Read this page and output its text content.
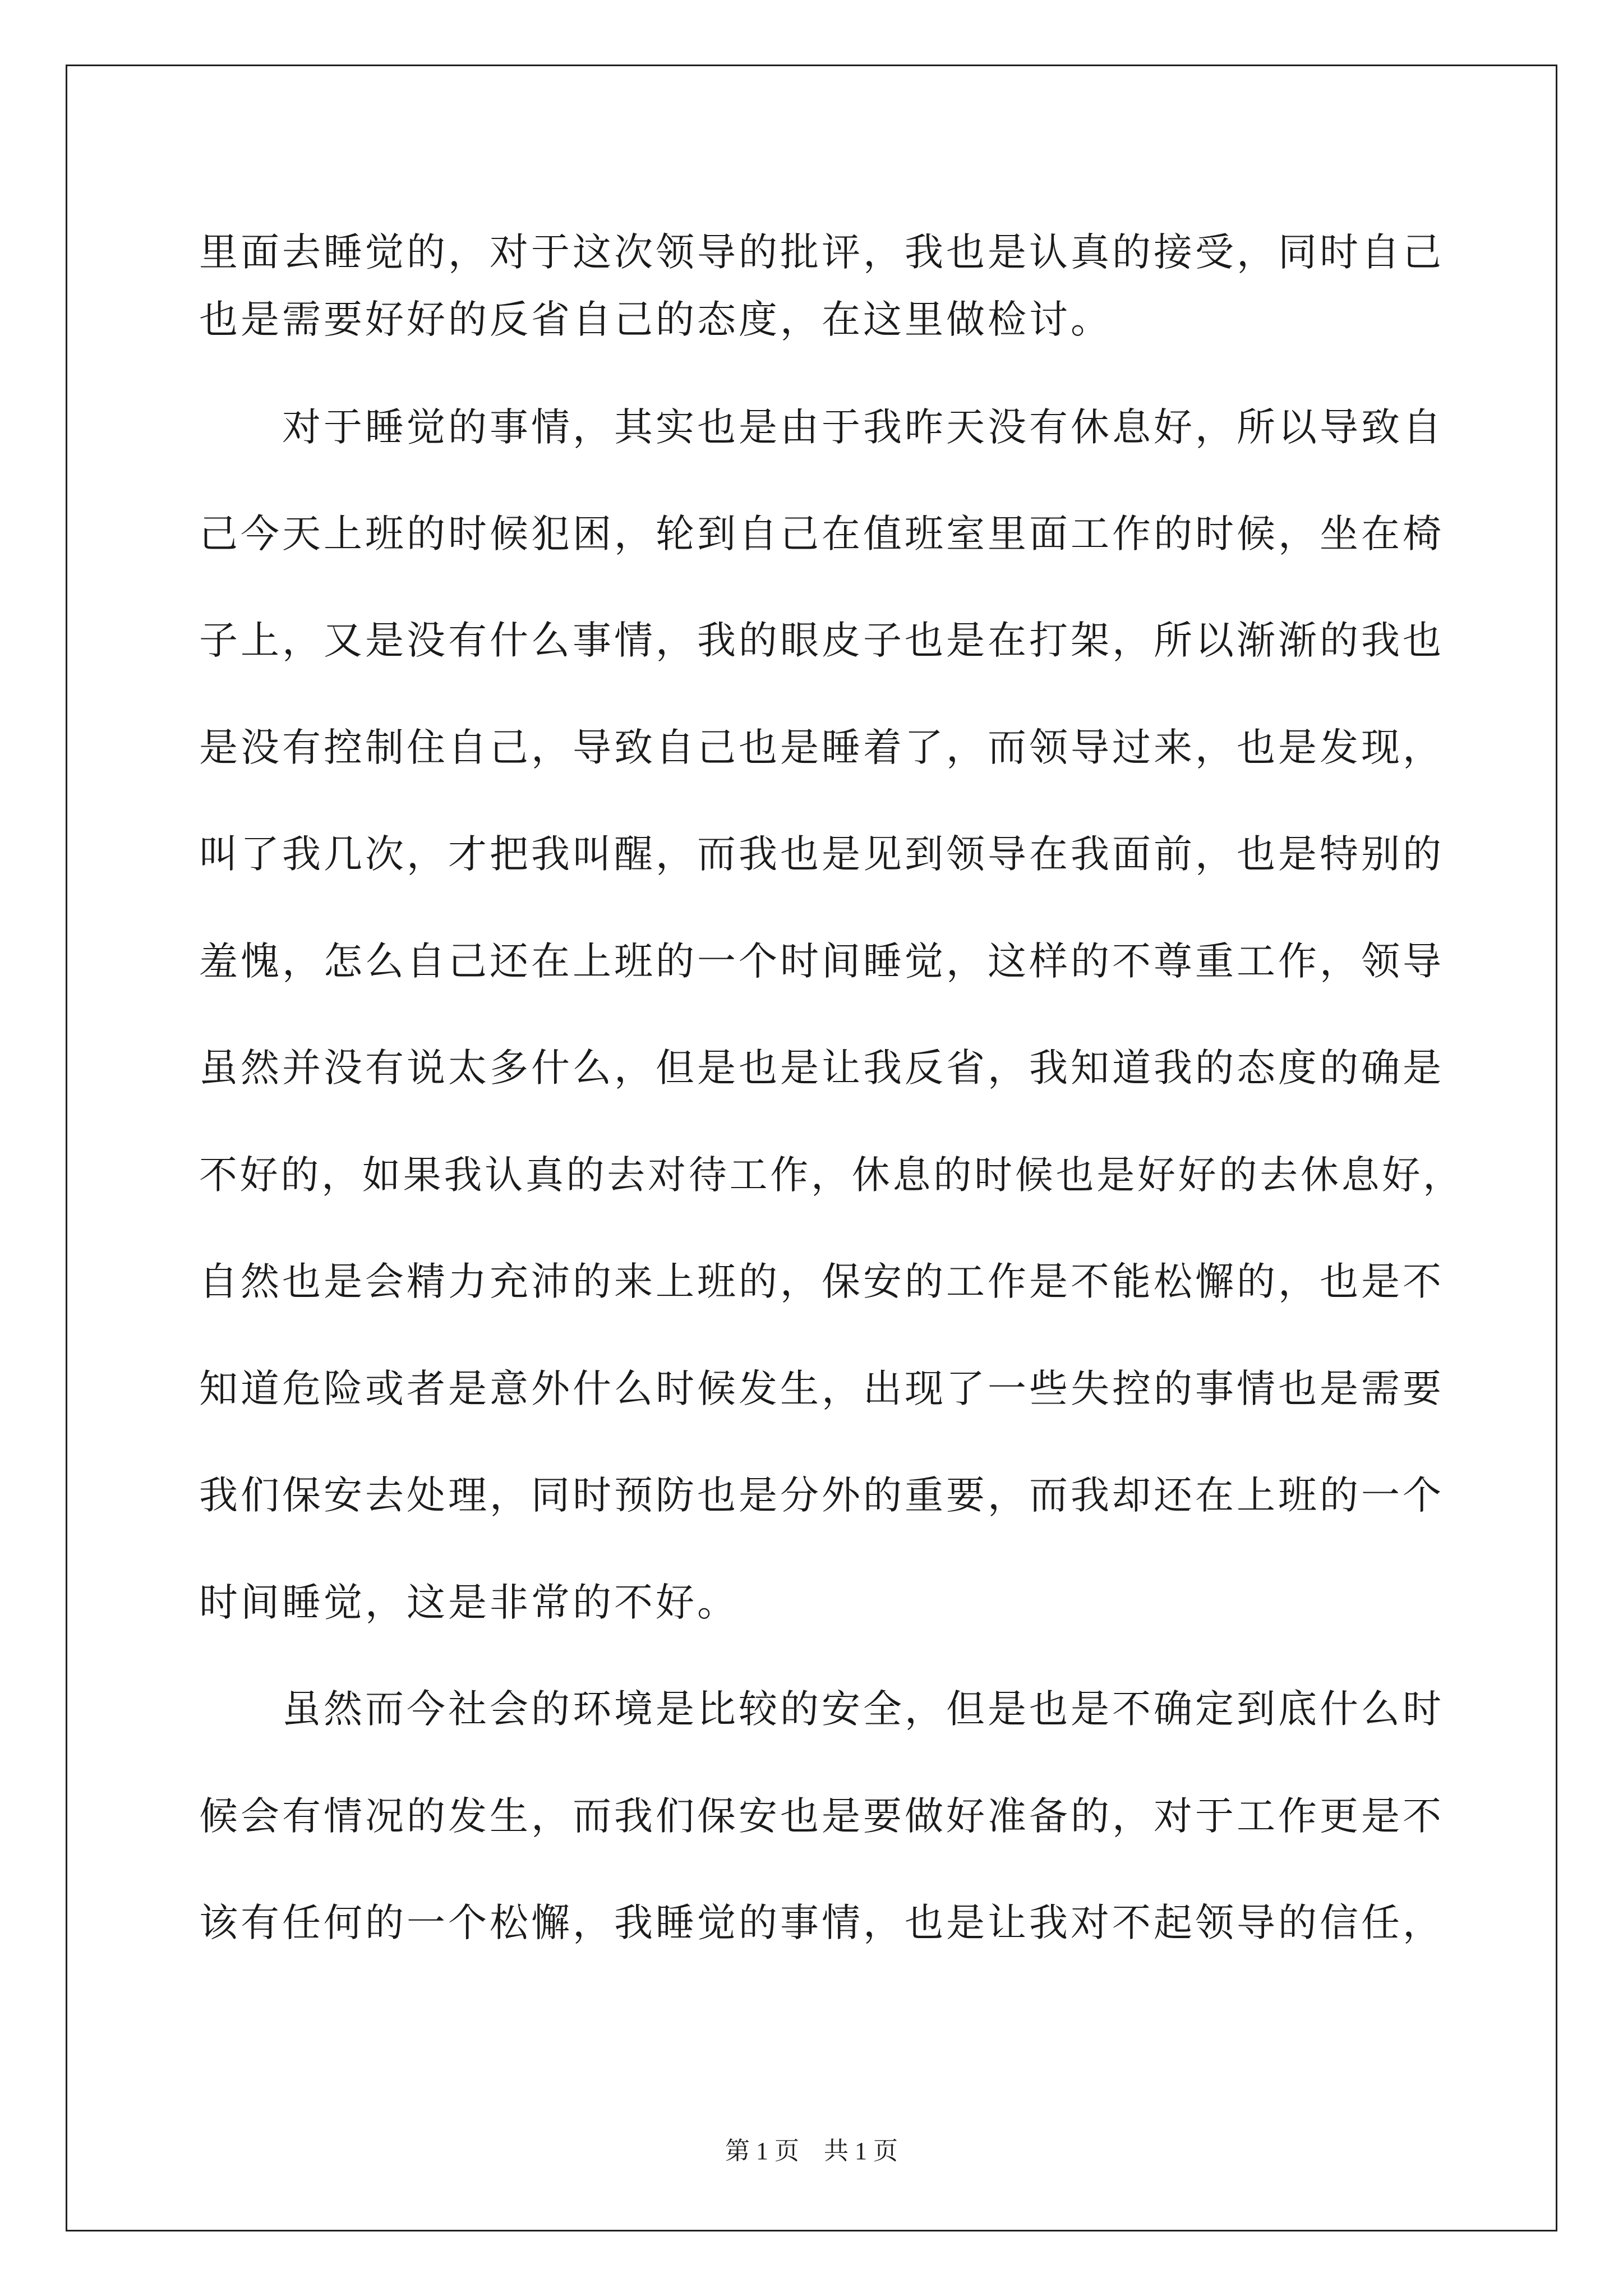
里面去睡觉的，对于这次领导的批评，我也是认真的接受，同时自己
也是需要好好的反省自己的态度，在这里做检讨。
　　对于睡觉的事情，其实也是由于我昨天没有休息好，所以导致自
己今天上班的时候犯困，轮到自己在值班室里面工作的时候，坐在椅
子上，又是没有什么事情，我的眼皮子也是在打架，所以渐渐的我也
是没有控制住自己，导致自己也是睡着了，而领导过来，也是发现，
叫了我几次，才把我叫醒，而我也是见到领导在我面前，也是特别的
羞愧，怎么自己还在上班的一个时间睡觉，这样的不尊重工作，领导
虽然并没有说太多什么，但是也是让我反省，我知道我的态度的确是
不好的，如果我认真的去对待工作，休息的时候也是好好的去休息好，
自然也是会精力充沛的来上班的，保安的工作是不能松懈的，也是不
知道危险或者是意外什么时候发生，出现了一些失控的事情也是需要
我们保安去处理，同时预防也是分外的重要，而我却还在上班的一个
时间睡觉，这是非常的不好。
　　虽然而今社会的环境是比较的安全，但是也是不确定到底什么时
候会有情况的发生，而我们保安也是要做好准备的，对于工作更是不
该有任何的一个松懈，我睡觉的事情，也是让我对不起领导的信任，
第 1 页　共 1 页
